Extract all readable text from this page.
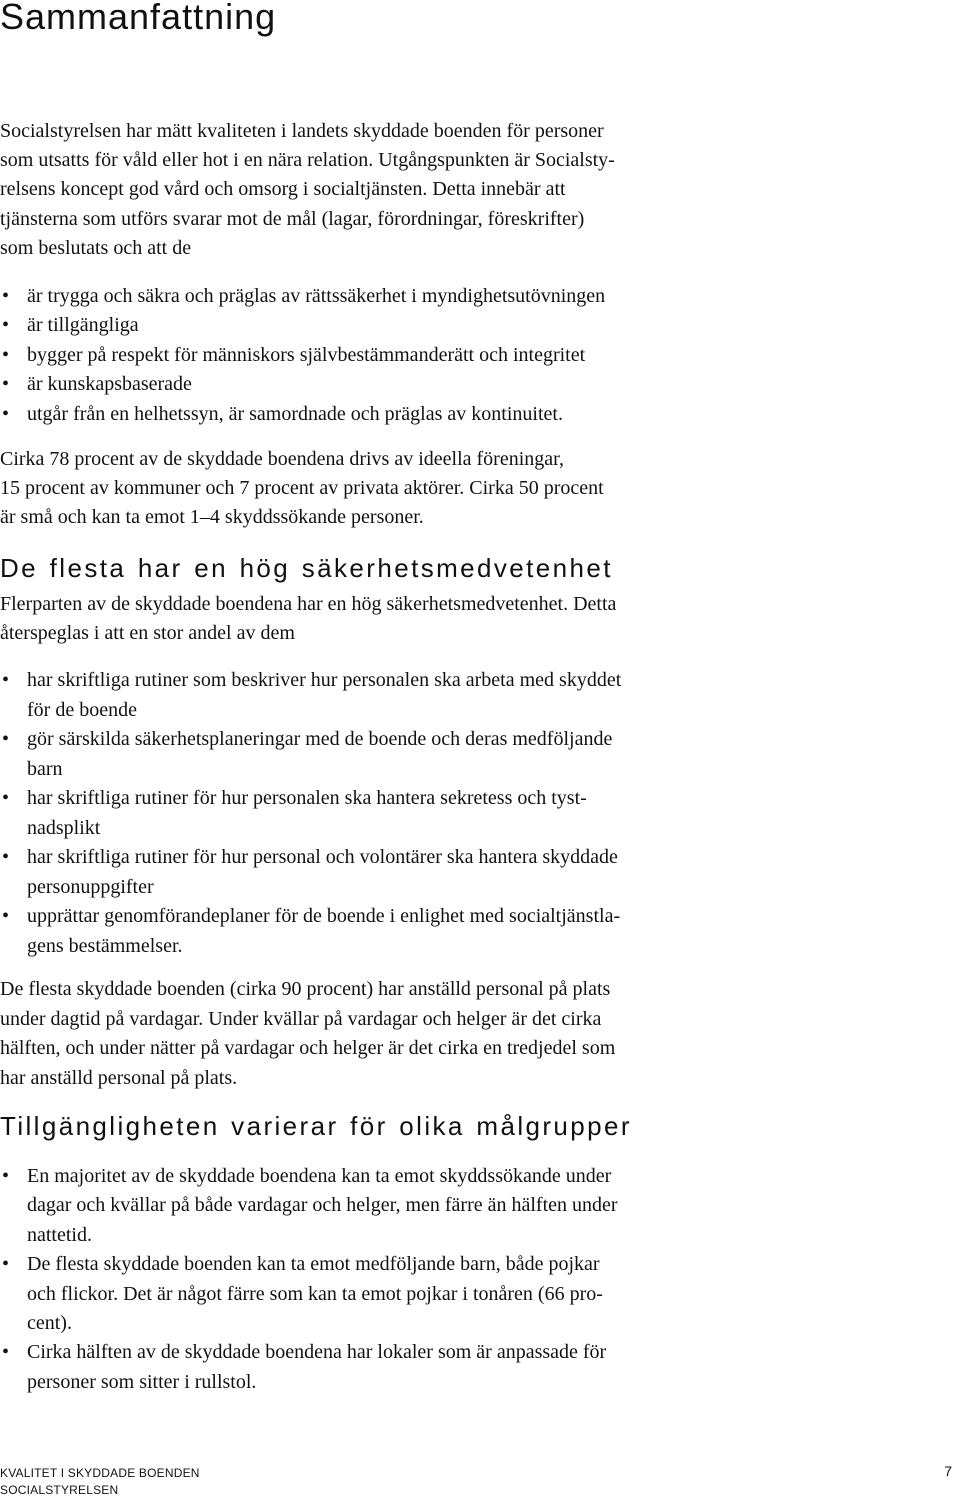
Sammanfattning

Socialstyrelsen har mätt kvaliteten i landets skyddade boenden för personer
som utsatts för våld eller hot i en nära relation. Utgångspunkten är Socialsty-
relsens koncept god vård och omsorg i socialtjänsten. Detta innebär att
tjänsterna som utförs svarar mot de mål (lagar, förordningar, föreskrifter)
som beslutats och att de

• är trygga och säkra och präglas av rättssäkerhet i myndighetsutövningen
• är tillgängliga
• bygger på respekt för människors självbestämmanderätt och integritet
• är kunskapsbaserade
• utgår från en helhetssyn, är samordnade och präglas av kontinuitet.

Cirka 78 procent av de skyddade boendena drivs av ideella föreningar,
15 procent av kommuner och 7 procent av privata aktörer. Cirka 50 procent
är små och kan ta emot 1–4 skyddssökande personer.

De flesta har en hög säkerhetsmedvetenhet

Flerparten av de skyddade boendena har en hög säkerhetsmedvetenhet. Detta
återspeglas i att en stor andel av dem

• har skriftliga rutiner som beskriver hur personalen ska arbeta med skyddet
för de boende
• gör särskilda säkerhetsplaneringar med de boende och deras medföljande
barn
• har skriftliga rutiner för hur personalen ska hantera sekretess och tyst-
nadsplikt
• har skriftliga rutiner för hur personal och volontärer ska hantera skyddade
personuppgifter
• upprättar genomförandeplaner för de boende i enlighet med socialtjänstla-
gens bestämmelser.

De flesta skyddade boenden (cirka 90 procent) har anställd personal på plats
under dagtid på vardagar. Under kvällar på vardagar och helger är det cirka
hälften, och under nätter på vardagar och helger är det cirka en tredjedel som
har anställd personal på plats.

Tillgängligheten varierar för olika målgrupper
• En majoritet av de skyddade boendena kan ta emot skyddssökande under
dagar och kvällar på både vardagar och helger, men färre än hälften under
nattetid.
• De flesta skyddade boenden kan ta emot medföljande barn, både pojkar
och flickor. Det är något färre som kan ta emot pojkar i tonåren (66 pro-
cent).
• Cirka hälften av de skyddade boendena har lokaler som är anpassade för
personer som sitter i rullstol.
KVALITET I SKYDDADE BOENDEN
SOCIALSTYRELSEN
7
